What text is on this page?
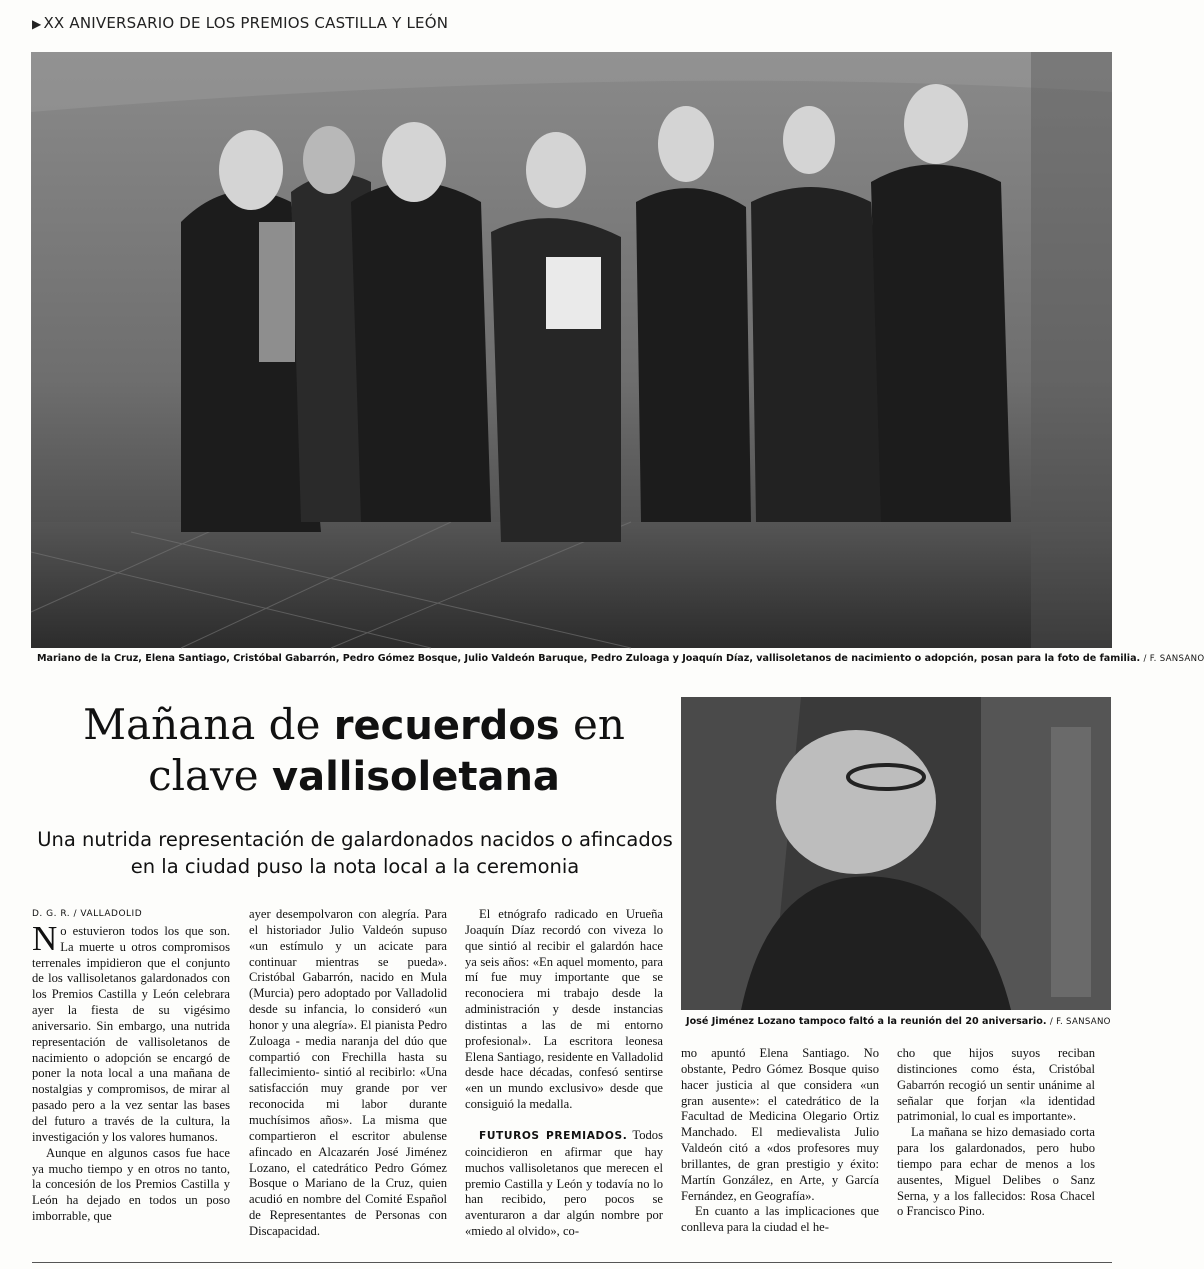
▶ XX ANIVERSARIO DE LOS PREMIOS CASTILLA Y LEÓN
Mariano de la Cruz, Elena Santiago, Cristóbal Gabarrón, Pedro Gómez Bosque, Julio Valdeón Baruque, Pedro Zuloaga y Joaquín Díaz, vallisoletanos de nacimiento o adopción, posan para la foto de familia. / F. SANSANO
Mañana de recuerdos en
clave vallisoletana

Una nutrida representación de galardonados nacidos o afincados
en la ciudad puso la nota local a la ceremonia

José Jiménez Lozano tampoco faltó a la reunión del 20 aniversario. / F. SANSANO
D. G. R. / VALLADOLID

No estuvieron todos los que son. La muerte u otros compromisos terrenales impidieron que el conjunto de los vallisoletanos galardonados con los Premios Castilla y León celebrara ayer la fiesta de su vigésimo aniversario. Sin embargo, una nutrida representación de vallisoletanos de nacimiento o adopción se encargó de poner la nota local a una mañana de nostalgias y compromisos, de mirar al pasado pero a la vez sentar las bases del futuro a través de la cultura, la investigación y los valores humanos.

Aunque en algunos casos fue hace ya mucho tiempo y en otros no tanto, la concesión de los Premios Castilla y León ha dejado en todos un poso imborrable, que

ayer desempolvaron con alegría. Para el historiador Julio Valdeón supuso «un estímulo y un acicate para continuar mientras se pueda». Cristóbal Gabarrón, nacido en Mula (Murcia) pero adoptado por Valladolid desde su infancia, lo consideró «un honor y una alegría». El pianista Pedro Zuloaga - media naranja del dúo que compartió con Frechilla hasta su fallecimiento- sintió al recibirlo: «Una satisfacción muy grande por ver reconocida mi labor durante muchísimos años». La misma que compartieron el escritor abulense afincado en Alcazarén José Jiménez Lozano, el catedrático Pedro Gómez Bosque o Mariano de la Cruz, quien acudió en nombre del Comité Español de Representantes de Personas con Discapacidad.

El etnógrafo radicado en Urueña Joaquín Díaz recordó con viveza lo que sintió al recibir el galardón hace ya seis años: «En aquel momento, para mí fue muy importante que se reconociera mi trabajo desde la administración y desde instancias distintas a las de mi entorno profesional». La escritora leonesa Elena Santiago, residente en Valladolid desde hace décadas, confesó sentirse «en un mundo exclusivo» desde que consiguió la medalla.

FUTUROS PREMIADOS. Todos coincidieron en afirmar que hay muchos vallisoletanos que merecen el premio Castilla y León y todavía no lo han recibido, pero pocos se aventuraron a dar algún nombre por «miedo al olvido», co-

mo apuntó Elena Santiago. No obstante, Pedro Gómez Bosque quiso hacer justicia al que considera «un gran ausente»: el catedrático de la Facultad de Medicina Olegario Ortiz Manchado. El medievalista Julio Valdeón citó a «dos profesores muy brillantes, de gran prestigio y éxito: Martín González, en Arte, y García Fernández, en Geografía».

En cuanto a las implicaciones que conlleva para la ciudad el he-

cho que hijos suyos reciban distinciones como ésta, Cristóbal Gabarrón recogió un sentir unánime al señalar que forjan «la identidad patrimonial, lo cual es importante».

La mañana se hizo demasiado corta para los galardonados, pero hubo tiempo para echar de menos a los ausentes, Miguel Delibes o Sanz Serna, y a los fallecidos: Rosa Chacel o Francisco Pino.
